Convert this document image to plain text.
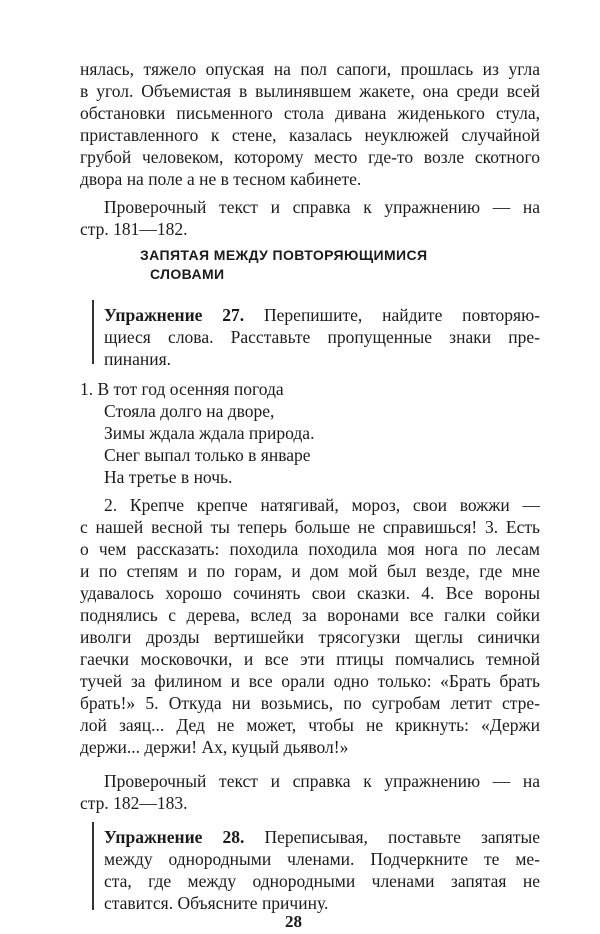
нялась, тяжело опуская на пол сапоги, прошлась из угла
в угол. Объемистая в вылинявшем жакете, она среди всей
обстановки письменного стола дивана жиденького стула,
приставленного к стене, казалась неуклюжей случайной
грубой человеком, которому место где-то возле скотного
двора на поле а не в тесном кабинете.
Проверочный текст и справка к упражнению — на
стр. 181—182.
ЗАПЯТАЯ МЕЖДУ ПОВТОРЯЮЩИМИСЯ
СЛОВАМИ
Упражнение 27. Перепишите, найдите повторяю-
щиеся слова. Расставьте пропущенные знаки пре-
пинания.
1. В тот год осенняя погода
Стояла долго на дворе,
Зимы ждала ждала природа.
Снег выпал только в январе
На третье в ночь.
2. Крепче крепче натягивай, мороз, свои вожжи —
с нашей весной ты теперь больше не справишься! 3. Есть
о чем рассказать: походила походила моя нога по лесам
и по степям и по горам, и дом мой был везде, где мне
удавалось хорошо сочинять свои сказки. 4. Все вороны
поднялись с дерева, вслед за воронами все галки сойки
иволги дрозды вертишейки трясогузки щеглы синички
гаечки московочки, и все эти птицы помчались темной
тучей за филином и все орали одно только: «Брать брать
брать!» 5. Откуда ни возьмись, по сугробам летит стре-
лой заяц... Дед не может, чтобы не крикнуть: «Держи
держи... держи! Ах, куцый дьявол!»
Проверочный текст и справка к упражнению — на
стр. 182—183.
Упражнение 28. Переписывая, поставьте запятые
между однородными членами. Подчеркните те ме-
ста, где между однородными членами запятая не
ставится. Объясните причину.
28
